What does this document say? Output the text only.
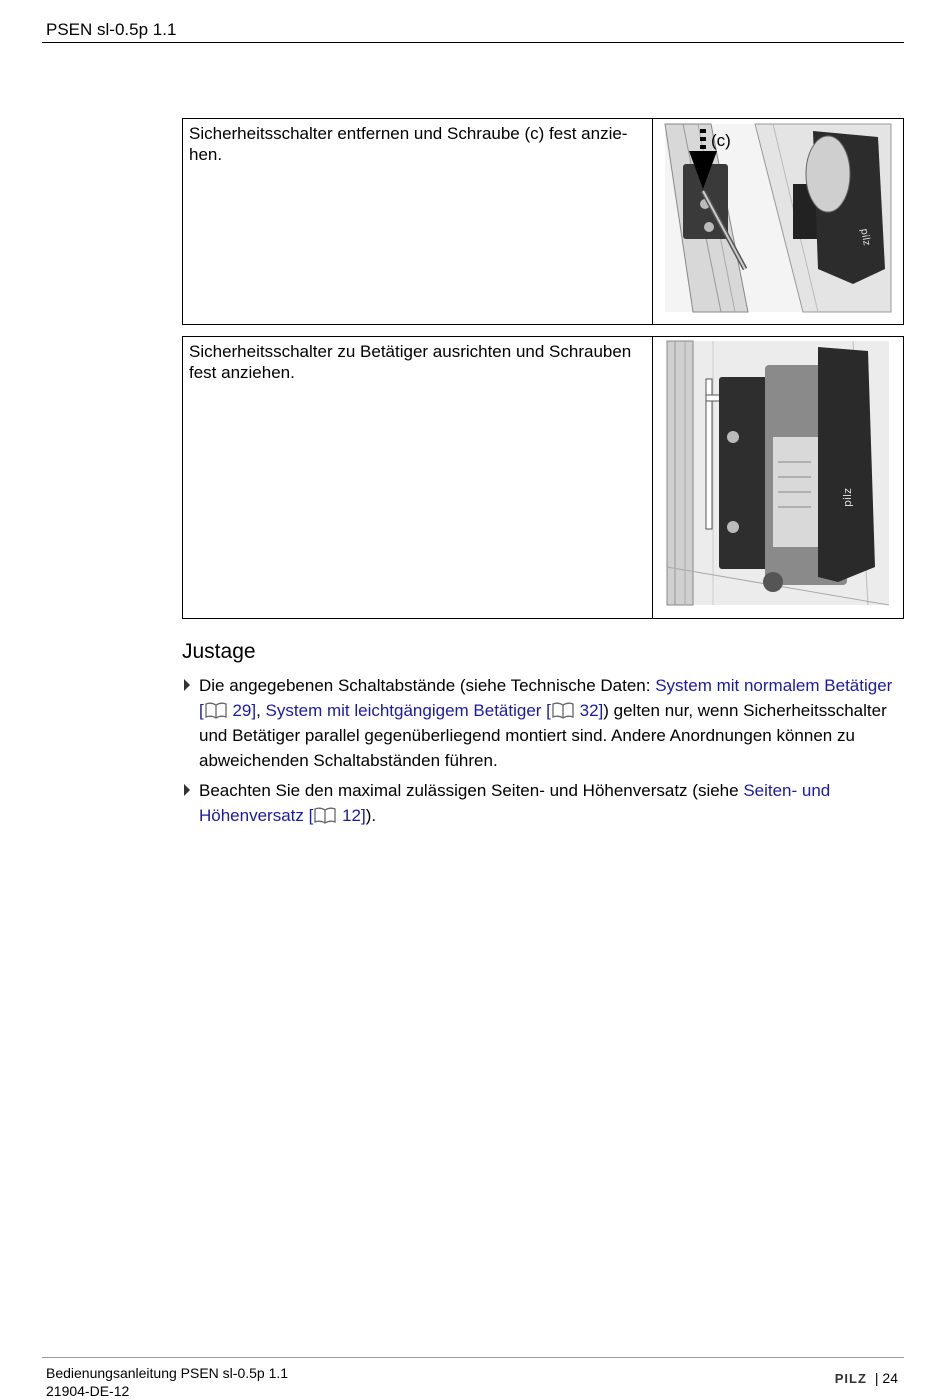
PSEN sl-0.5p 1.1
Sicherheitsschalter entfernen und Schraube (c) fest anziehen.	pilz
(c)

Sicherheitsschalter zu Betätiger ausrichten und Schrauben fest anziehen.	pilz
Justage
Die angegebenen Schaltabstände (siehe Technische Daten: System mit normalem Betätiger [ 29], System mit leichtgängigem Betätiger [ 32]) gelten nur, wenn Sicherheitsschalter und Betätiger parallel gegenüberliegend montiert sind. Andere Anordnungen können zu abweichenden Schaltabständen führen.
Beachten Sie den maximal zulässigen Seiten- und Höhenversatz (siehe Seiten- und Höhenversatz [ 12]).
Bedienungsanleitung PSEN sl-0.5p 1.1
21904-DE-12
PILZ | 24
